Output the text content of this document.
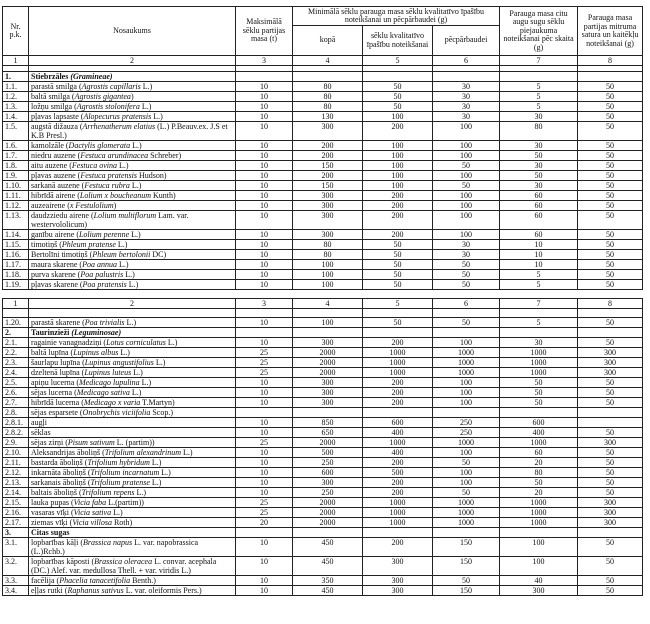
Nr. p.k.	Nosaukums	Maksimālā sēklu partijas masa (t)	Minimālā sēklu parauga masa sēklu kvalitatīvo īpašību noteikšanai un pēcpārbaudei (g)			Parauga masa citu augu sugu sēklu piejaukuma noteikšanai pēc skaita (g)	Parauga masa partijas mitruma satura un kaitēkļu noteikšanai (g)
			kopā	sēklu kvalitatīvo īpašību noteikšanai	pēcpārbaudei		
1	2	3	4	5	6	7	8

1.	Stiebrzāles (Gramineae)						
1.1.	parastā smilga (Agrostis capillaris L.)	10	80	50	30	5	50
1.2.	baltā smilga (Agrostis gigantea)	10	80	50	30	5	50
1.3.	ložņu smilga (Agrostis stolonifera L.)	10	80	50	30	5	50
1.4.	pļavas lapsaste (Alopecurus pratensis L.)	10	130	100	30	30	50
1.5.	augstā dižauza (Arrhenatherum elatius (L.) P.Beauv.ex. J.S et K.B Presl.)	10	300	200	100	80	50
1.6.	kamolzāle (Dactylis glomerata L.)	10	200	100	100	30	50
1.7.	niedru auzene (Festuca arundinacea Schreber)	10	200	100	100	50	50
1.8.	aitu auzene (Festuca ovina L.)	10	150	100	50	30	50
1.9.	pļavas auzene (Festuca pratensis Hudson)	10	200	100	100	50	50
1.10.	sarkanā auzene (Festuca rubra L.)	10	150	100	50	30	50
1.11.	hibrīdā airene (Lolium x boucheanum Kunth)	10	300	200	100	60	50
1.12.	auzeairene (x Festulolium)	10	300	200	100	60	50
1.13.	daudzziedu airene (Lolium multiflorum Lam. var. westervololicum)	10	300	200	100	60	50
1.14.	ganību airene (Lolium perenne L.)	10	300	200	100	60	50
1.15.	timotiņš (Phleum pratense L.)	10	80	50	30	10	50
1.16.	Bertolīni timotiņš (Phleum bertolonii DC)	10	80	50	30	10	50
1.17.	maura skarene (Poa annua L.)	10	100	50	50	10	50
1.18.	purva skarene (Poa palustris L.)	10	100	50	50	5	50
1.19.	pļavas skarene (Poa pratensis L.)	10	100	50	50	5	50
1	2	3	4	5	6	7	8

1.20.	parastā skarene (Poa trivialis L.)	10	100	50	50	5	50
2.	Taurinzieži (Leguminosae)						
2.1.	ragainie vanagnadziņi (Lotus corniculatus L.)	10	300	200	100	30	50
2.2.	baltā lupīna (Lupinus albus L.)	25	2000	1000	1000	1000	300
2.3.	šaurlapu lupīna (Lupinus angustifolius L.)	25	2000	1000	1000	1000	300
2.4.	dzeltenā lupīna (Lupinus luteus L.)	25	2000	1000	1000	1000	300
2.5.	apiņu lucerna (Medicago lupulina L.)	10	300	200	100	50	50
2.6.	sējas lucerna (Medicago sativa L.)	10	300	200	100	50	50
2.7.	hibrīdā lucerna (Medicago x varia T.Martyn)	10	300	200	100	50	50
2.8.	sējas esparsete (Onobrychis viciifolia Scop.)						
2.8.1.	augļi	10	850	600	250	600	
2.8.2.	sēklas	10	650	400	250	400	50
2.9.	sējas zirņi (Pisum sativum L. (partim))	25	2000	1000	1000	1000	300
2.10.	Aleksandrijas āboliņš (Trifolium alexandrinum L.)	10	500	400	100	60	50
2.11.	bastarda āboliņš (Trifolium hybridum L.)	10	250	200	50	20	50
2.12.	inkarnāta āboliņš (Trifolium incarnatum L.)	10	600	500	100	80	50
2.13.	sarkanais āboliņš (Trifolium pratense L.)	10	300	200	100	50	50
2.14.	baltais āboliņš (Trifolium repens L.)	10	250	200	50	20	50
2.15.	lauka pupas (Vicia faba L.(partim))	25	2000	1000	1000	1000	300
2.16.	vasaras vīķi (Vicia sativa L.)	25	2000	1000	1000	1000	300
2.17.	ziemas vīķi (Vicia villosa Roth)	20	2000	1000	1000	1000	300
3.	Citas sugas						
3.1.	lopbarības kāļi (Brassica napus L. var. napobrassica (L.)Rchb.)	10	450	200	150	100	50
3.2.	lopbarības kāposti (Brassica oleracea L. convar. acephala (DC.) Alef. var. medullosa Thell. + var. viridis L.)	10	450	300	150	100	50
3.3.	facēlija (Phacelia tanacetifolia Benth.)	10	350	300	50	40	50
3.4.	eļļas rutki (Raphanus sativus L. var. oleiformis Pers.)	10	450	300	150	300	50
